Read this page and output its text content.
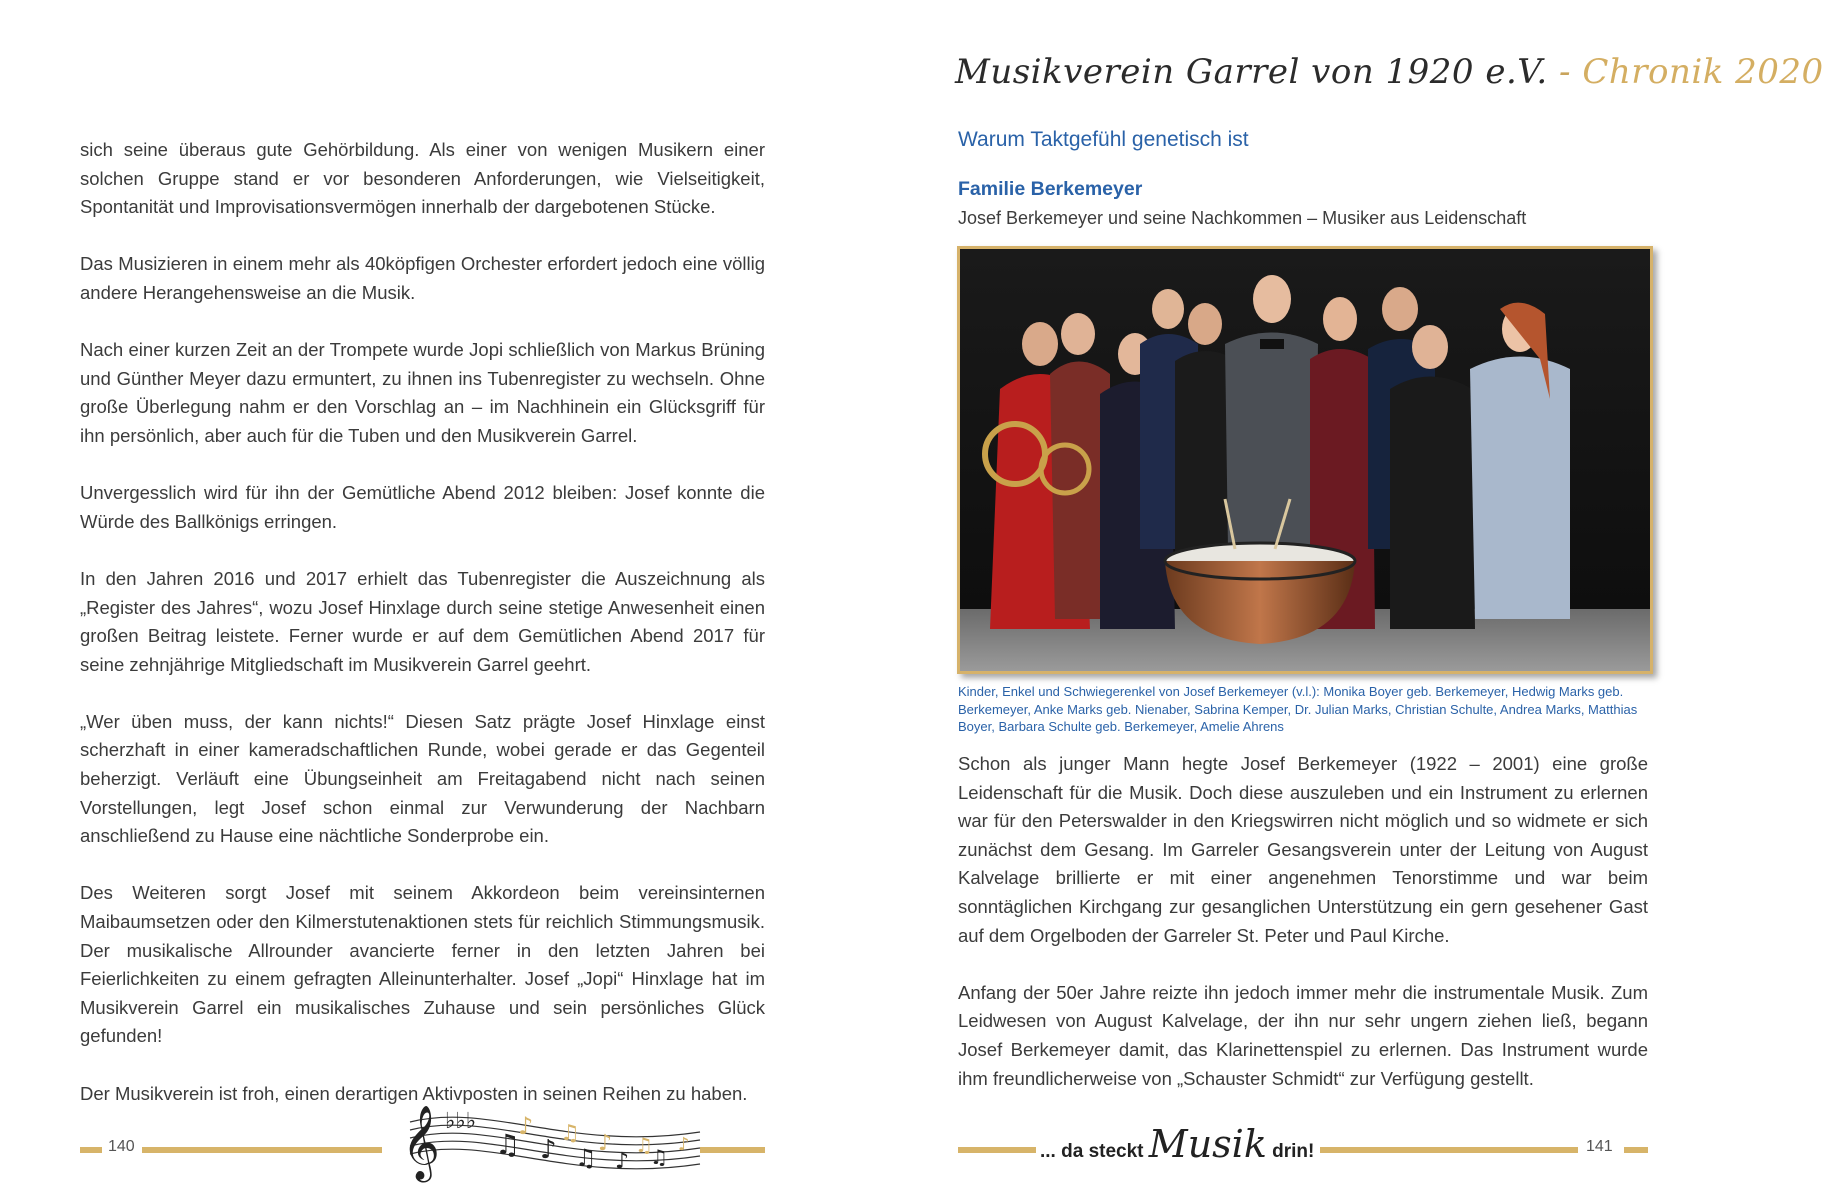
sich seine überaus gute Gehörbildung. Als einer von wenigen Musikern einer solchen Gruppe stand er vor besonderen Anforderungen, wie Vielseitigkeit, Spontanität und Improvisationsvermögen innerhalb der dargebotenen Stücke.

Das Musizieren in einem mehr als 40köpfigen Orchester erfordert jedoch eine völlig andere Herangehensweise an die Musik.

Nach einer kurzen Zeit an der Trompete wurde Jopi schließlich von Markus Brüning und Günther Meyer dazu ermuntert, zu ihnen ins Tubenregister zu wechseln. Ohne große Überlegung nahm er den Vorschlag an – im Nachhinein ein Glücksgriff für ihn persönlich, aber auch für die Tuben und den Musikverein Garrel.

Unvergesslich wird für ihn der Gemütliche Abend 2012 bleiben: Josef konnte die Würde des Ballkönigs erringen.

In den Jahren 2016 und 2017 erhielt das Tubenregister die Auszeichnung als „Register des Jahres“, wozu Josef Hinxlage durch seine stetige Anwesenheit einen großen Beitrag leistete. Ferner wurde er auf dem Gemütlichen Abend 2017 für seine zehnjährige Mitgliedschaft im Musikverein Garrel geehrt.

„Wer üben muss, der kann nichts!“ Diesen Satz prägte Josef Hinxlage einst scherzhaft in einer kameradschaftlichen Runde, wobei gerade er das Gegenteil beherzigt. Verläuft eine Übungseinheit am Freitagabend nicht nach seinen Vorstellungen, legt Josef schon einmal zur Verwunderung der Nachbarn anschließend zu Hause eine nächtliche Sonderprobe ein.

Des Weiteren sorgt Josef mit seinem Akkordeon beim vereinsinternen Maibaumsetzen oder den Kilmerstutenaktionen stets für reichlich Stimmungsmusik. Der musikalische Allrounder avancierte ferner in den letzten Jahren bei Feierlichkeiten zu einem gefragten Alleinunterhalter. Josef „Jopi“ Hinxlage hat im Musikverein Garrel ein musikalisches Zuhause und sein persönliches Glück gefunden!

Der Musikverein ist froh, einen derartigen Aktivposten in seinen Reihen zu haben.

140	𝄞 ♭♭♭
♫ ♪ ♫ ♪ ♫
♪ ♫ ♪ ♫ ♪
Musikverein Garrel von 1920 e.V. - Chronik 2020
Warum Taktgefühl genetisch ist
Familie Berkemeyer
Josef Berkemeyer und seine Nachkommen – Musiker aus Leidenschaft
Kinder, Enkel und Schwiegerenkel von Josef Berkemeyer (v.l.): Monika Boyer geb. Berkemeyer, Hedwig Marks geb. Berkemeyer, Anke Marks geb. Nienaber, Sabrina Kemper, Dr. Julian Marks, Christian Schulte, Andrea Marks, Matthias Boyer, Barbara Schulte geb. Berkemeyer, Amelie Ahrens

Schon als junger Mann hegte Josef Berkemeyer (1922 – 2001) eine große Leidenschaft für die Musik. Doch diese auszuleben und ein Instrument zu erlernen war für den Peterswalder in den Kriegswirren nicht möglich und so widmete er sich zunächst dem Gesang. Im Garreler Gesangsverein unter der Leitung von August Kalvelage brillierte er mit einer angenehmen Tenorstimme und war beim sonntäglichen Kirchgang zur gesanglichen Unterstützung ein gern gesehener Gast auf dem Orgelboden der Garreler St. Peter und Paul Kirche.

Anfang der 50er Jahre reizte ihn jedoch immer mehr die instrumentale Musik. Zum Leidwesen von August Kalvelage, der ihn nur sehr ungern ziehen ließ, begann Josef Berkemeyer damit, das Klarinettenspiel zu erlernen. Das Instrument wurde ihm freundlicherweise von „Schauster Schmidt“ zur Verfügung gestellt.

... da steckt Musik drin!	141
